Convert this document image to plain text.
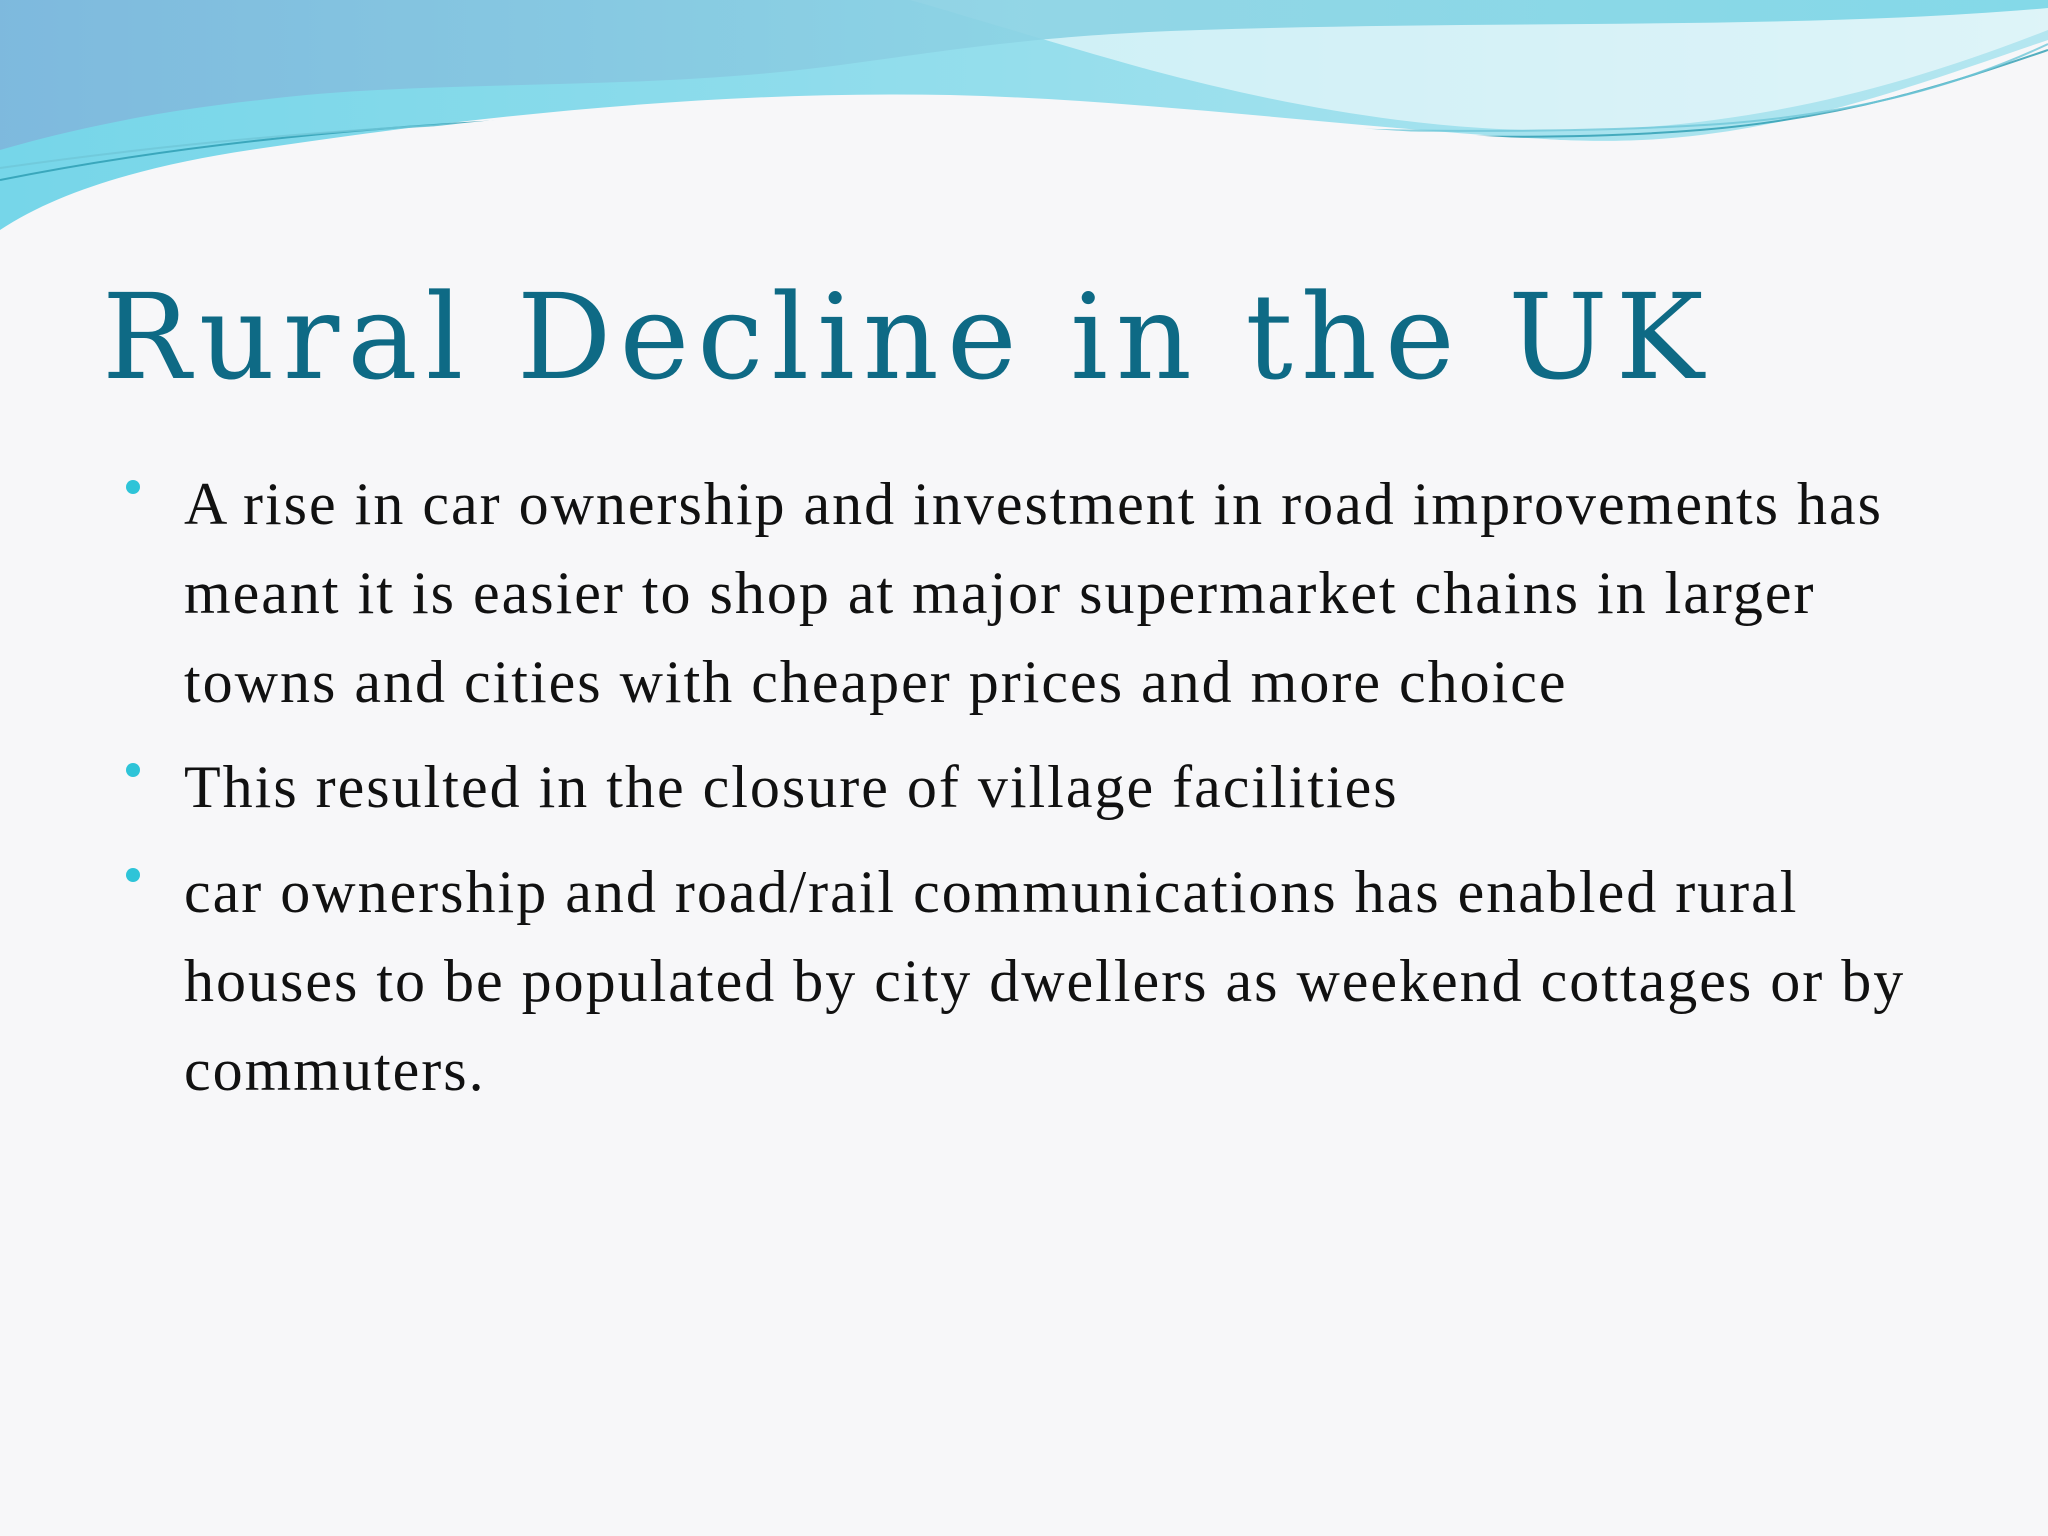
Rural Decline in the UK
A rise in car ownership and investment in road improvements has meant it is easier to shop at major supermarket chains in larger towns and cities with cheaper prices and more choice
This resulted in the closure of village facilities
car ownership and road/rail communications has enabled rural houses to be populated by city dwellers as weekend cottages or by commuters.
